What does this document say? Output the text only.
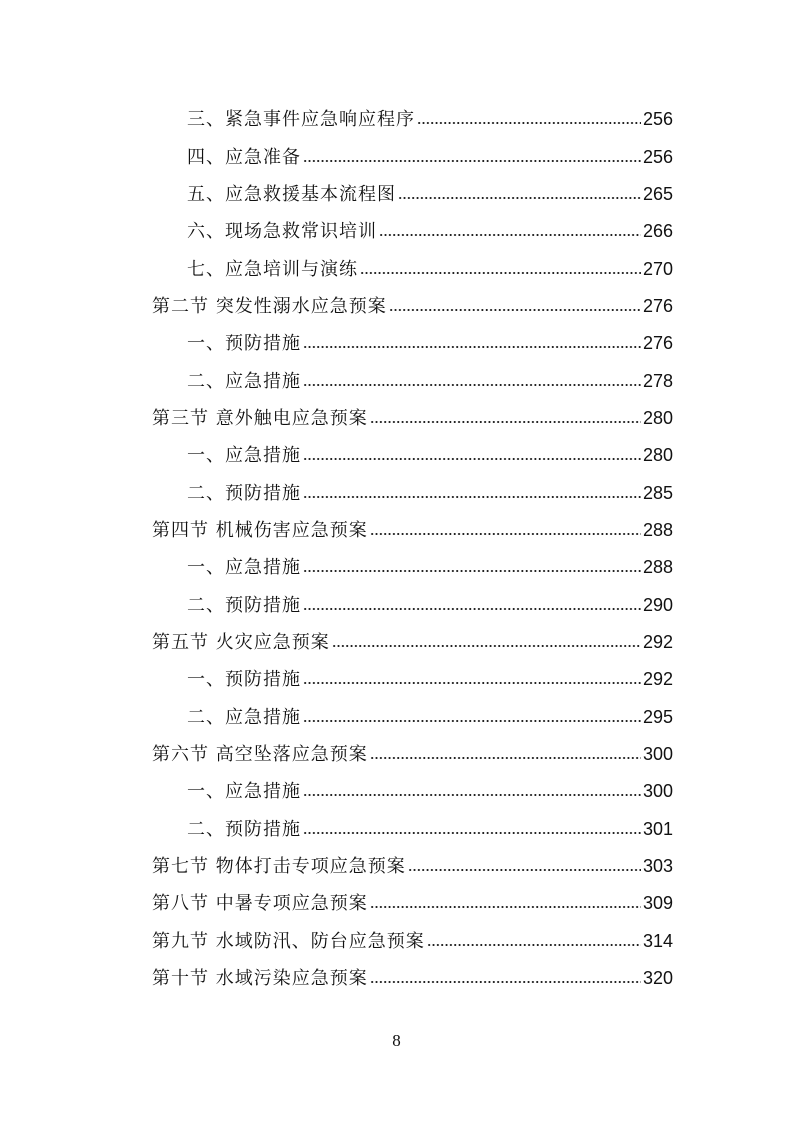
三、紧急事件应急响应程序	256
四、应急准备	256
五、应急救援基本流程图	265
六、现场急救常识培训	266
七、应急培训与演练	270
第二节 突发性溺水应急预案	276
一、预防措施	276
二、应急措施	278
第三节 意外触电应急预案	280
一、应急措施	280
二、预防措施	285
第四节 机械伤害应急预案	288
一、应急措施	288
二、预防措施	290
第五节 火灾应急预案	292
一、预防措施	292
二、应急措施	295
第六节 高空坠落应急预案	300
一、应急措施	300
二、预防措施	301
第七节 物体打击专项应急预案	303
第八节 中暑专项应急预案	309
第九节 水域防汛、防台应急预案	314
第十节 水域污染应急预案	320
8
